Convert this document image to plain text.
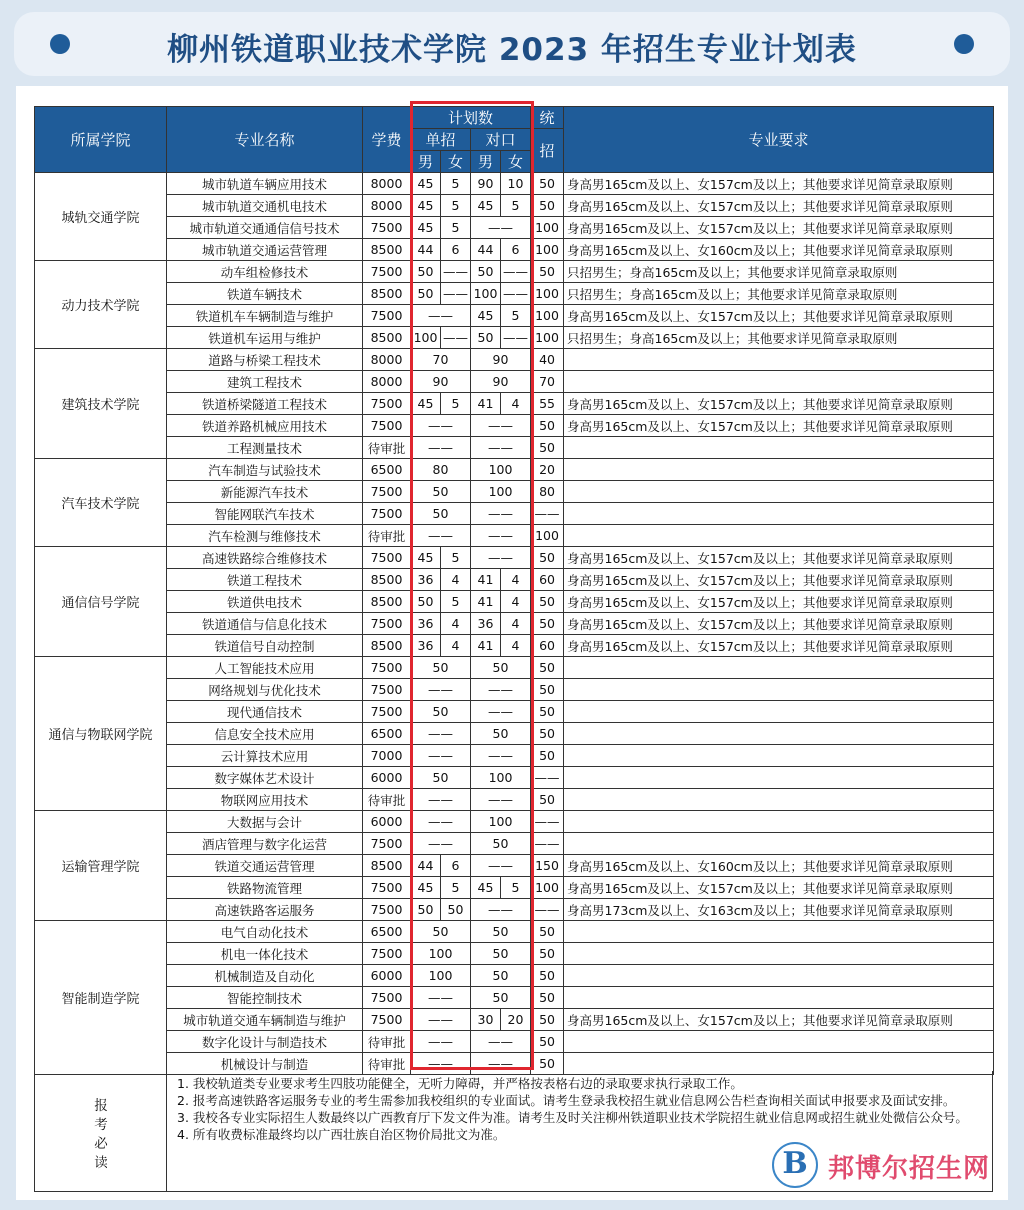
柳州铁道职业技术学院 2023 年招生专业计划表
所属学院	专业名称	学费	计划数				统	专业要求
			单招		对口		招	
			男	女	男	女		
城轨交通学院	城市轨道车辆应用技术	8000	45	5	90	10	50	身高男165cm及以上、女157cm及以上；其他要求详见简章录取原则
	城市轨道交通机电技术	8000	45	5	45	5	50	身高男165cm及以上、女157cm及以上；其他要求详见简章录取原则
	城市轨道交通通信信号技术	7500	45	5	——		100	身高男165cm及以上、女157cm及以上；其他要求详见简章录取原则
	城市轨道交通运营管理	8500	44	6	44	6	100	身高男165cm及以上、女160cm及以上；其他要求详见简章录取原则
动力技术学院	动车组检修技术	7500	50	——	50	——	50	只招男生；身高165cm及以上；其他要求详见简章录取原则
	铁道车辆技术	8500	50	——	100	——	100	只招男生；身高165cm及以上；其他要求详见简章录取原则
	铁道机车车辆制造与维护	7500	——		45	5	100	身高男165cm及以上、女157cm及以上；其他要求详见简章录取原则
	铁道机车运用与维护	8500	100	——	50	——	100	只招男生；身高165cm及以上；其他要求详见简章录取原则
建筑技术学院	道路与桥梁工程技术	8000	70		90		40	
	建筑工程技术	8000	90		90		70	
	铁道桥梁隧道工程技术	7500	45	5	41	4	55	身高男165cm及以上、女157cm及以上；其他要求详见简章录取原则
	铁道养路机械应用技术	7500	——		——		50	身高男165cm及以上、女157cm及以上；其他要求详见简章录取原则
	工程测量技术	待审批	——		——		50	
汽车技术学院	汽车制造与试验技术	6500	80		100		20	
	新能源汽车技术	7500	50		100		80	
	智能网联汽车技术	7500	50		——		——	
	汽车检测与维修技术	待审批	——		——		100	
通信信号学院	高速铁路综合维修技术	7500	45	5	——		50	身高男165cm及以上、女157cm及以上；其他要求详见简章录取原则
	铁道工程技术	8500	36	4	41	4	60	身高男165cm及以上、女157cm及以上；其他要求详见简章录取原则
	铁道供电技术	8500	50	5	41	4	50	身高男165cm及以上、女157cm及以上；其他要求详见简章录取原则
	铁道通信与信息化技术	7500	36	4	36	4	50	身高男165cm及以上、女157cm及以上；其他要求详见简章录取原则
	铁道信号自动控制	8500	36	4	41	4	60	身高男165cm及以上、女157cm及以上；其他要求详见简章录取原则
通信与物联网学院	人工智能技术应用	7500	50		50		50	
	网络规划与优化技术	7500	——		——		50	
	现代通信技术	7500	50		——		50	
	信息安全技术应用	6500	——		50		50	
	云计算技术应用	7000	——		——		50	
	数字媒体艺术设计	6000	50		100		——	
	物联网应用技术	待审批	——		——		50	
运输管理学院	大数据与会计	6000	——		100		——	
	酒店管理与数字化运营	7500	——		50		——	
	铁道交通运营管理	8500	44	6	——		150	身高男165cm及以上、女160cm及以上；其他要求详见简章录取原则
	铁路物流管理	7500	45	5	45	5	100	身高男165cm及以上、女157cm及以上；其他要求详见简章录取原则
	高速铁路客运服务	7500	50	50	——		——	身高男173cm及以上、女163cm及以上；其他要求详见简章录取原则
智能制造学院	电气自动化技术	6500	50		50		50	
	机电一体化技术	7500	100		50		50	
	机械制造及自动化	6000	100		50		50	
	智能控制技术	7500	——		50		50	
	城市轨道交通车辆制造与维护	7500	——		30	20	50	身高男165cm及以上、女157cm及以上；其他要求详见简章录取原则
	数字化设计与制造技术	待审批	——		——		50	
	机械设计与制造	待审批	——		——		50	
报考必读
1. 我校轨道类专业要求考生四肢功能健全，无听力障碍，并严格按表格右边的录取要求执行录取工作。
2. 报考高速铁路客运服务专业的考生需参加我校组织的专业面试。请考生登录我校招生就业信息网公告栏查询相关面试申报要求及面试安排。
3. 我校各专业实际招生人数最终以广西教育厅下发文件为准。请考生及时关注柳州铁道职业技术学院招生就业信息网或招生就业处微信公众号。
4. 所有收费标准最终均以广西壮族自治区物价局批文为准。
B 邦博尔招生网
